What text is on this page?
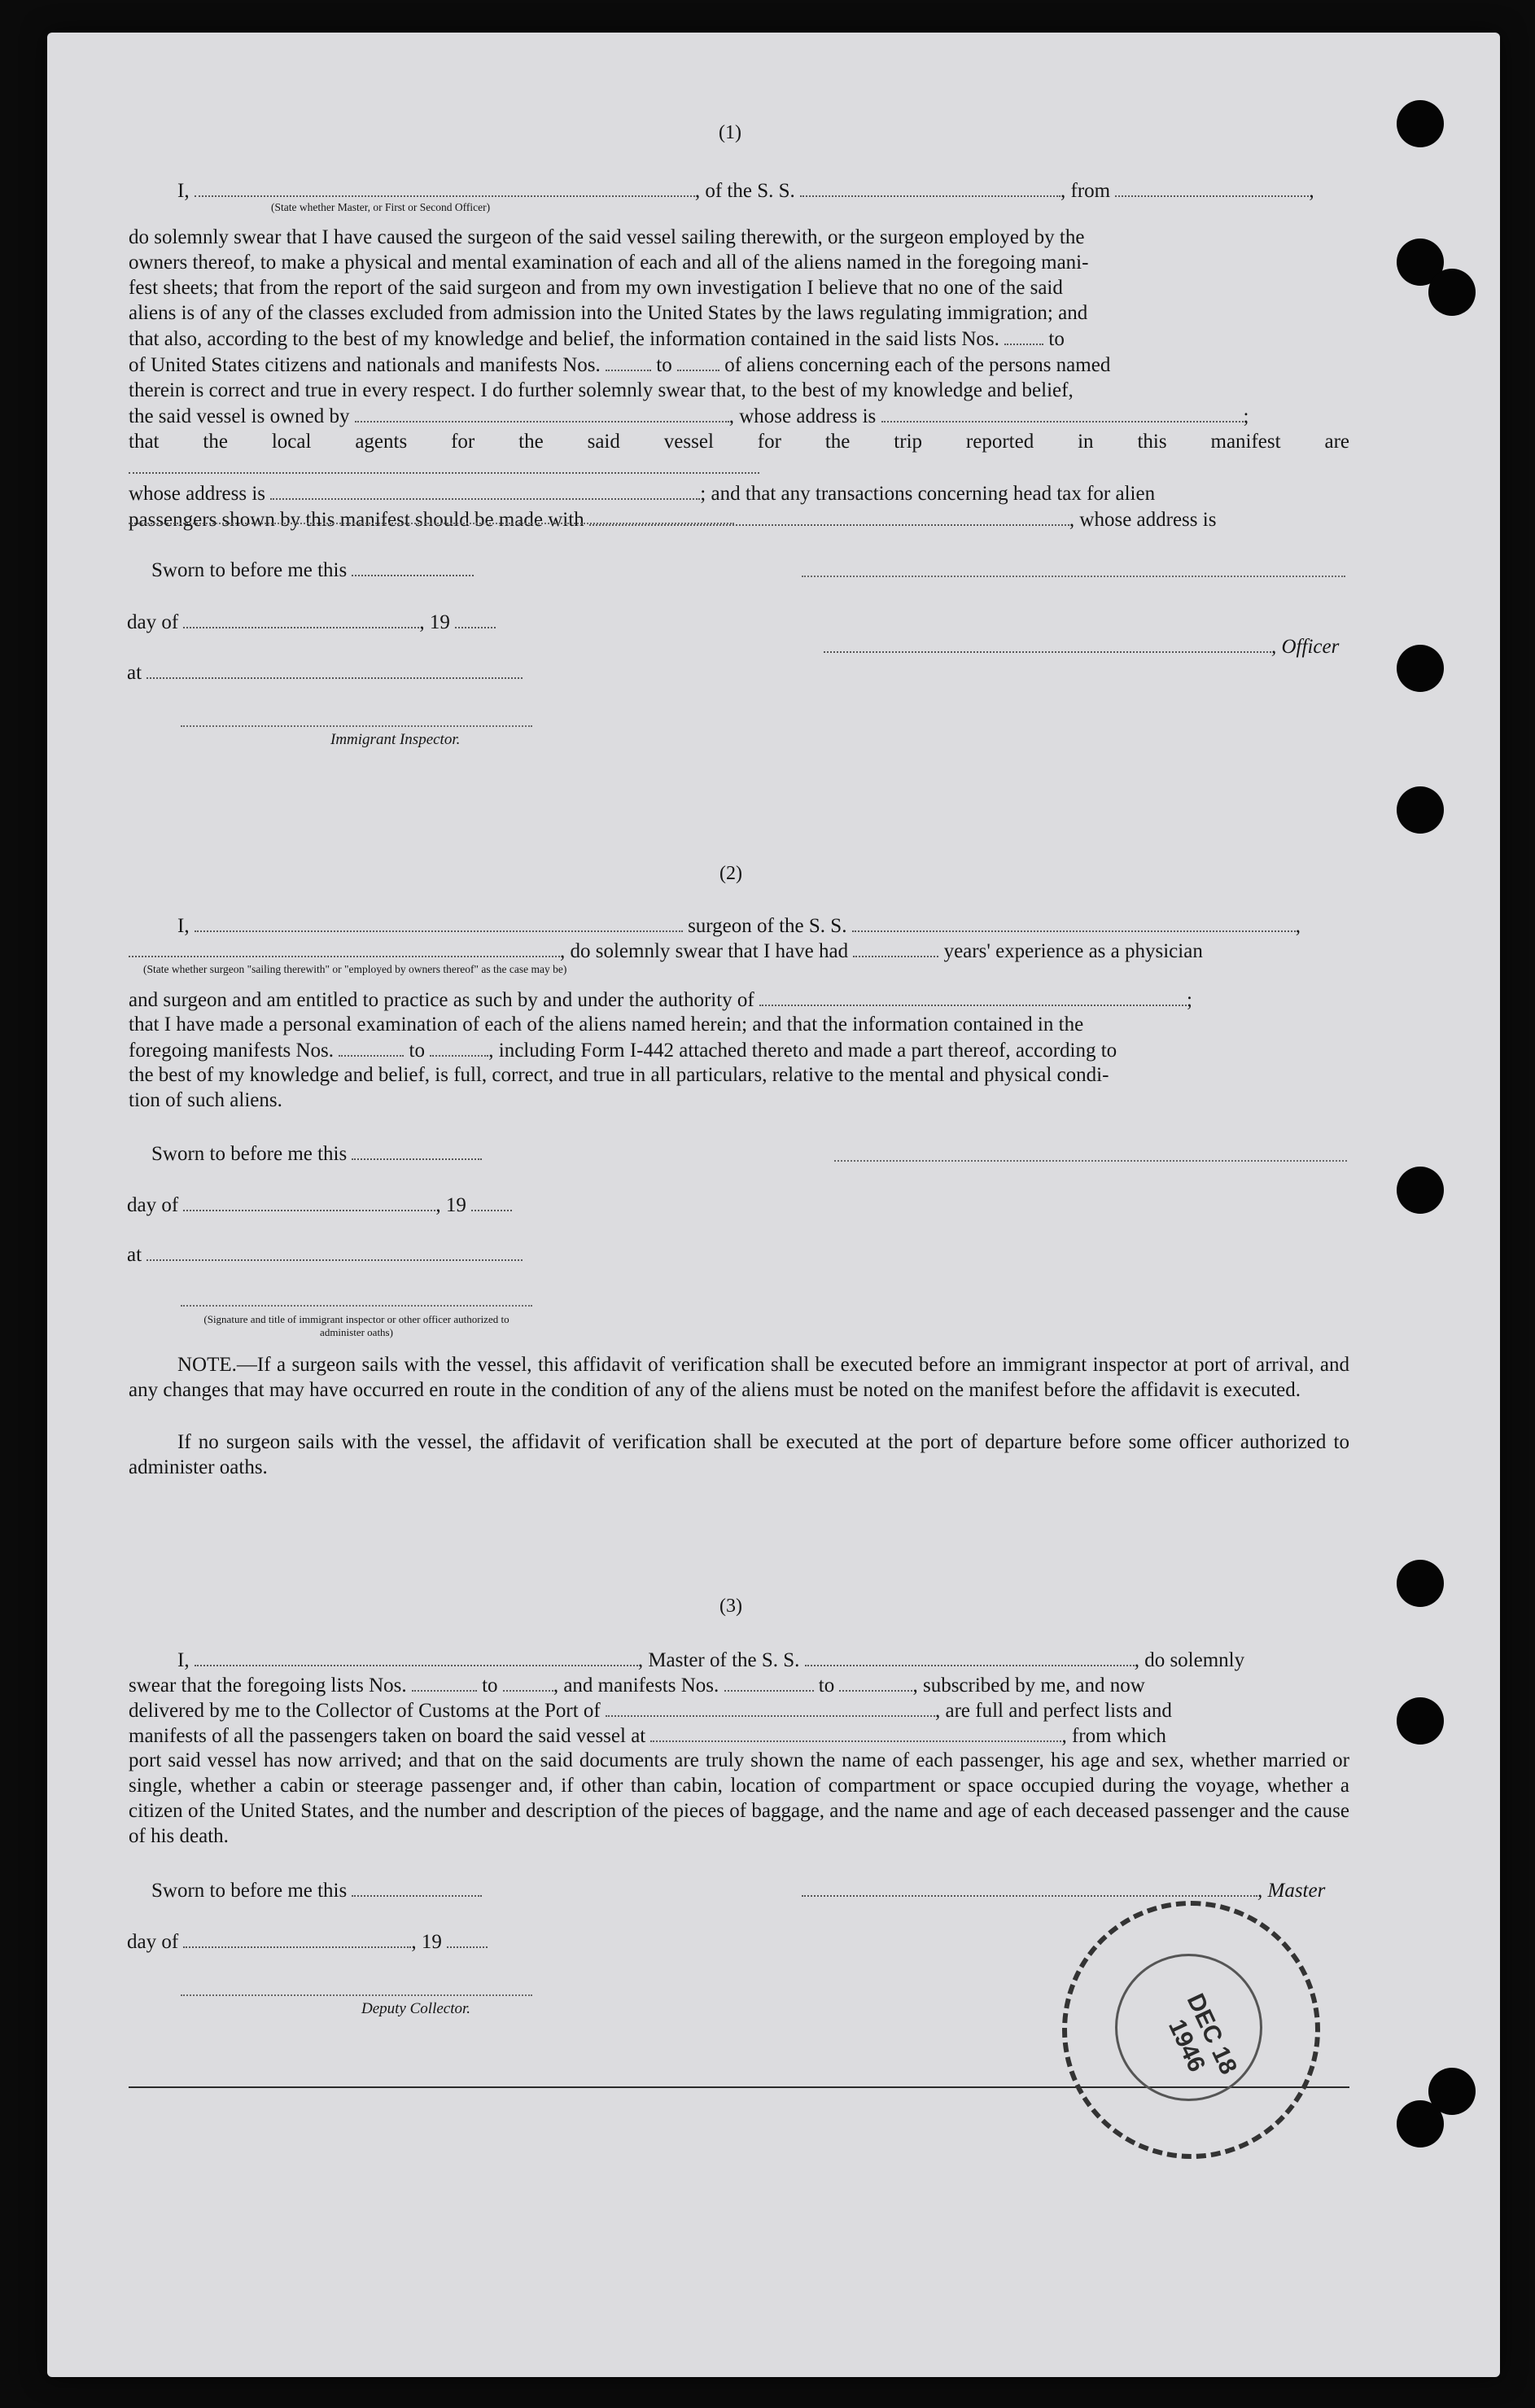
(1)
I,	, of the S. S.	, from	,
(State whether Master, or First or Second Officer)
do solemnly swear that I have caused the surgeon of the said vessel sailing therewith, or the surgeon employed by the
owners thereof, to make a physical and mental examination of each and all of the aliens named in the foregoing mani-
fest sheets; that from the report of the said surgeon and from my own investigation I believe that no one of the said
aliens is of any of the classes excluded from admission into the United States by the laws regulating immigration; and
that also, according to the best of my knowledge and belief, the information contained in the said lists Nos. to
of United States citizens and nationals and manifests Nos.	to	of aliens concerning each of the persons named
therein is correct and true in every respect. I do further solemnly swear that, to the best of my knowledge and belief,
the said vessel is owned by	, whose address is	;
that the local agents for the said vessel for the trip reported in this manifest are
whose address is	; and that any transactions concerning head tax for alien
passengers shown by this manifest should be made with	, whose address is
Sworn to before me this
day of	, 19
, Officer
at
Immigrant Inspector.
(2)
I,	surgeon of the S. S.	,
, do solemnly swear that I have had	years' experience as a physician
(State whether surgeon "sailing therewith" or "employed by owners thereof" as the case may be)
and surgeon and am entitled to practice as such by and under the authority of	;
that I have made a personal examination of each of the aliens named herein; and that the information contained in the
foregoing manifests Nos.	to	, including Form I-442 attached thereto and made a part thereof, according to
the best of my knowledge and belief, is full, correct, and true in all particulars, relative to the mental and physical condi-
tion of such aliens.
Sworn to before me this
day of	, 19
at
(Signature and title of immigrant inspector or other officer authorized to administer oaths)
NOTE.—If a surgeon sails with the vessel, this affidavit of verification shall be executed before an immigrant inspector at port of arrival, and any changes that may have occurred en route in the condition of any of the aliens must be noted on the manifest before the affidavit is executed.
If no surgeon sails with the vessel, the affidavit of verification shall be executed at the port of departure before some officer authorized to administer oaths.
(3)
I,	, Master of the S. S.	, do solemnly
swear that the foregoing lists Nos.	to	, and manifests Nos.	to	, subscribed by me, and now
delivered by me to the Collector of Customs at the Port of	, are full and perfect lists and
manifests of all the passengers taken on board the said vessel at	, from which
port said vessel has now arrived; and that on the said documents are truly shown the name of each passenger, his age and sex, whether married or single, whether a cabin or steerage passenger and, if other than cabin, location of compartment or space occupied during the voyage, whether a citizen of the United States, and the number and description of the pieces of baggage, and the name and age of each deceased passenger and the cause of his death.
Sworn to before me this	, Master
day of	, 19
Deputy Collector.	DEC 18 1946
